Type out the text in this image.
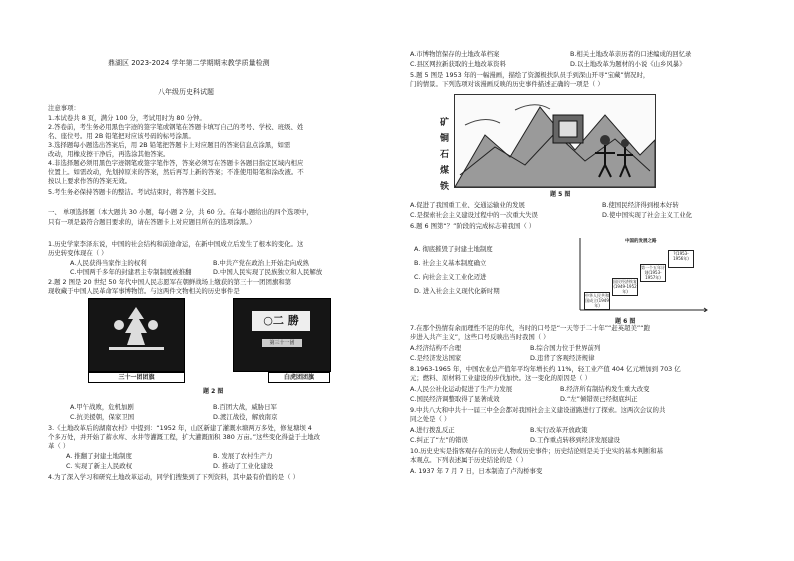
鼎湖区 2023-2024 学年第二学期期末教学质量检测
八年级历史科试题
注意事项：
1.本试卷共 8 页，满分 100 分，考试用时为 80 分钟。
2.答卷前，考生务必用黑色字迹的签字笔或钢笔在答题卡填写自己的考号、学校、班级、姓
名、座位号。用 2B 铅笔把对应该号码的标号涂黑。
3.选择题每小题选出答案后，用 2B 铅笔把答题卡上对应题目的答案信息点涂黑，如需
改动，用橡皮擦干净后，再选涂其他答案。
4.非选择题必须用黑色字迹钢笔或签字笔作答，答案必须写在答题卡各题目指定区域内相应
位置上。如需改动，先划掉原来的答案，然后再写上新的答案；不准使用铅笔和涂改液。不
按以上要求作答的答案无效。
5.考生务必保持答题卡的整洁。考试结束时，将答题卡交回。
一、 单项选择题（本大题共 30 小题，每小题 2 分，共 60 分。在每小题给出的四个选项中，
只有一项是最符合题目要求的，请在答题卡上对应题目所在的选项涂黑。）
1.历史学家李泽东说，中国的社会结构和前途命运，在新中国成立后发生了根本的变化。这
历史转变体现在（ ）
A.人民获得当家作主的权利	B.中共产党在政治上开始走向成熟
C.中国两千多年的封建君主专制制度被推翻	D.中国人民实现了民族独立和人民解放
2.题 2 图是 20 世纪 50 年代中国人民志愿军在朝鲜战场上缴获的第三十一团团旗和第
现收藏于中国人民革命军事博物馆。与这两件文物相关的历史事件是
三十一团团旗
○二 勝
第三十一团
白虎团团旗
题 2 图
A.甲午战败，危机加剧	B.百团大战，威胁日军
C.抗美援朝，保家卫国	D.渡江战役，解放南京
3.《土地改革后的湖南农村》中提到：“1952 年，山区新建了灌溉水塘两万多处，修复塘坝 4
个多万处，并开始了蓄水库、水井等灌溉工程，扩大灌溉面积 380 万亩。”这些变化得益于土地改
革（ ）
A. 推翻了封建土地制度	B. 发展了农村生产力
C. 实现了新主人民政权	D. 推动了工业化建设
4.为了深入学习和研究土地改革运动，同学们搜集到了下列资料，其中最有价值的是（ ）
A.市博物馆保存的土地改革档案	B.相关土地改革亲历者的口述编成的回忆录
C.县区网拉新获取的土地改革资料	D.以土地改革为题材的小说《山乡风暴》
5.题 5 图是 1953 年的一幅漫画，描绘了资源极扶队员手到深山开寻“宝藏”情况时，
门的情景。下列选项对该漫画反映的历史事件描述正确的一项是（ ）
矿
铜
石
煤
铁
题 5 图
A.促进了我国重工业、交通运输业的发展	B.使国民经济得到根本好转
C.是探索社会主义建设过程中的一次重大失误	D.使中国实现了社会主义工业化
6.题 6 图第“？”阶段的完成标志着我国（ ）
A. 彻底摧毁了封建土地制度
B. 社会主义基本制度确立
C. 向社会主义工业化迈进
D. 进入社会主义现代化新时期
中国的发展之路
中华人民共和国成立(1949年)
国民经济恢复(1949-1952年)
第一个五年计划(1953-1957年)
?(1953-1956年)
题 6 图
7.在那个热情有余而理性不足的年代，当时的口号是“一天等于二十年”“赶英超美”“跑
步进入共产主义”，这些口号反映出当时我国（ ）
A.经济结构不合理	B.综合国力位于世界前列
C.是经济发达国家	D.违背了客观经济规律
8.1963-1965 年，中国农业总产值年平均年增长约 11%，轻工业产值 404 亿元增加到 703 亿
元；燃料、原材料工业建设的步伐加快。这一变化的原因是（ ）
A.人民公社化运动促进了生产力发展	B.经济所有制结构发生重大改变
C.国民经济调整取得了显著成效	D.“左”倾错误已经彻底纠正
9.中共八大和中共十一届三中全会都对我国社会主义建设道路进行了探索。这两次会议的共
同之处是（ ）
A.进行拨乱反正	B.实行改革开放政策
C.纠正了“左”的错误	D.工作重点转移到经济发展建设
10.历史史实是指客观存在的历史人物或历史事件；历史结论则是关于史实的基本判断和基
本观点。下列表述属于历史结论的是（ ）
A. 1937 年 7 月 7 日，日本制造了卢沟桥事变
